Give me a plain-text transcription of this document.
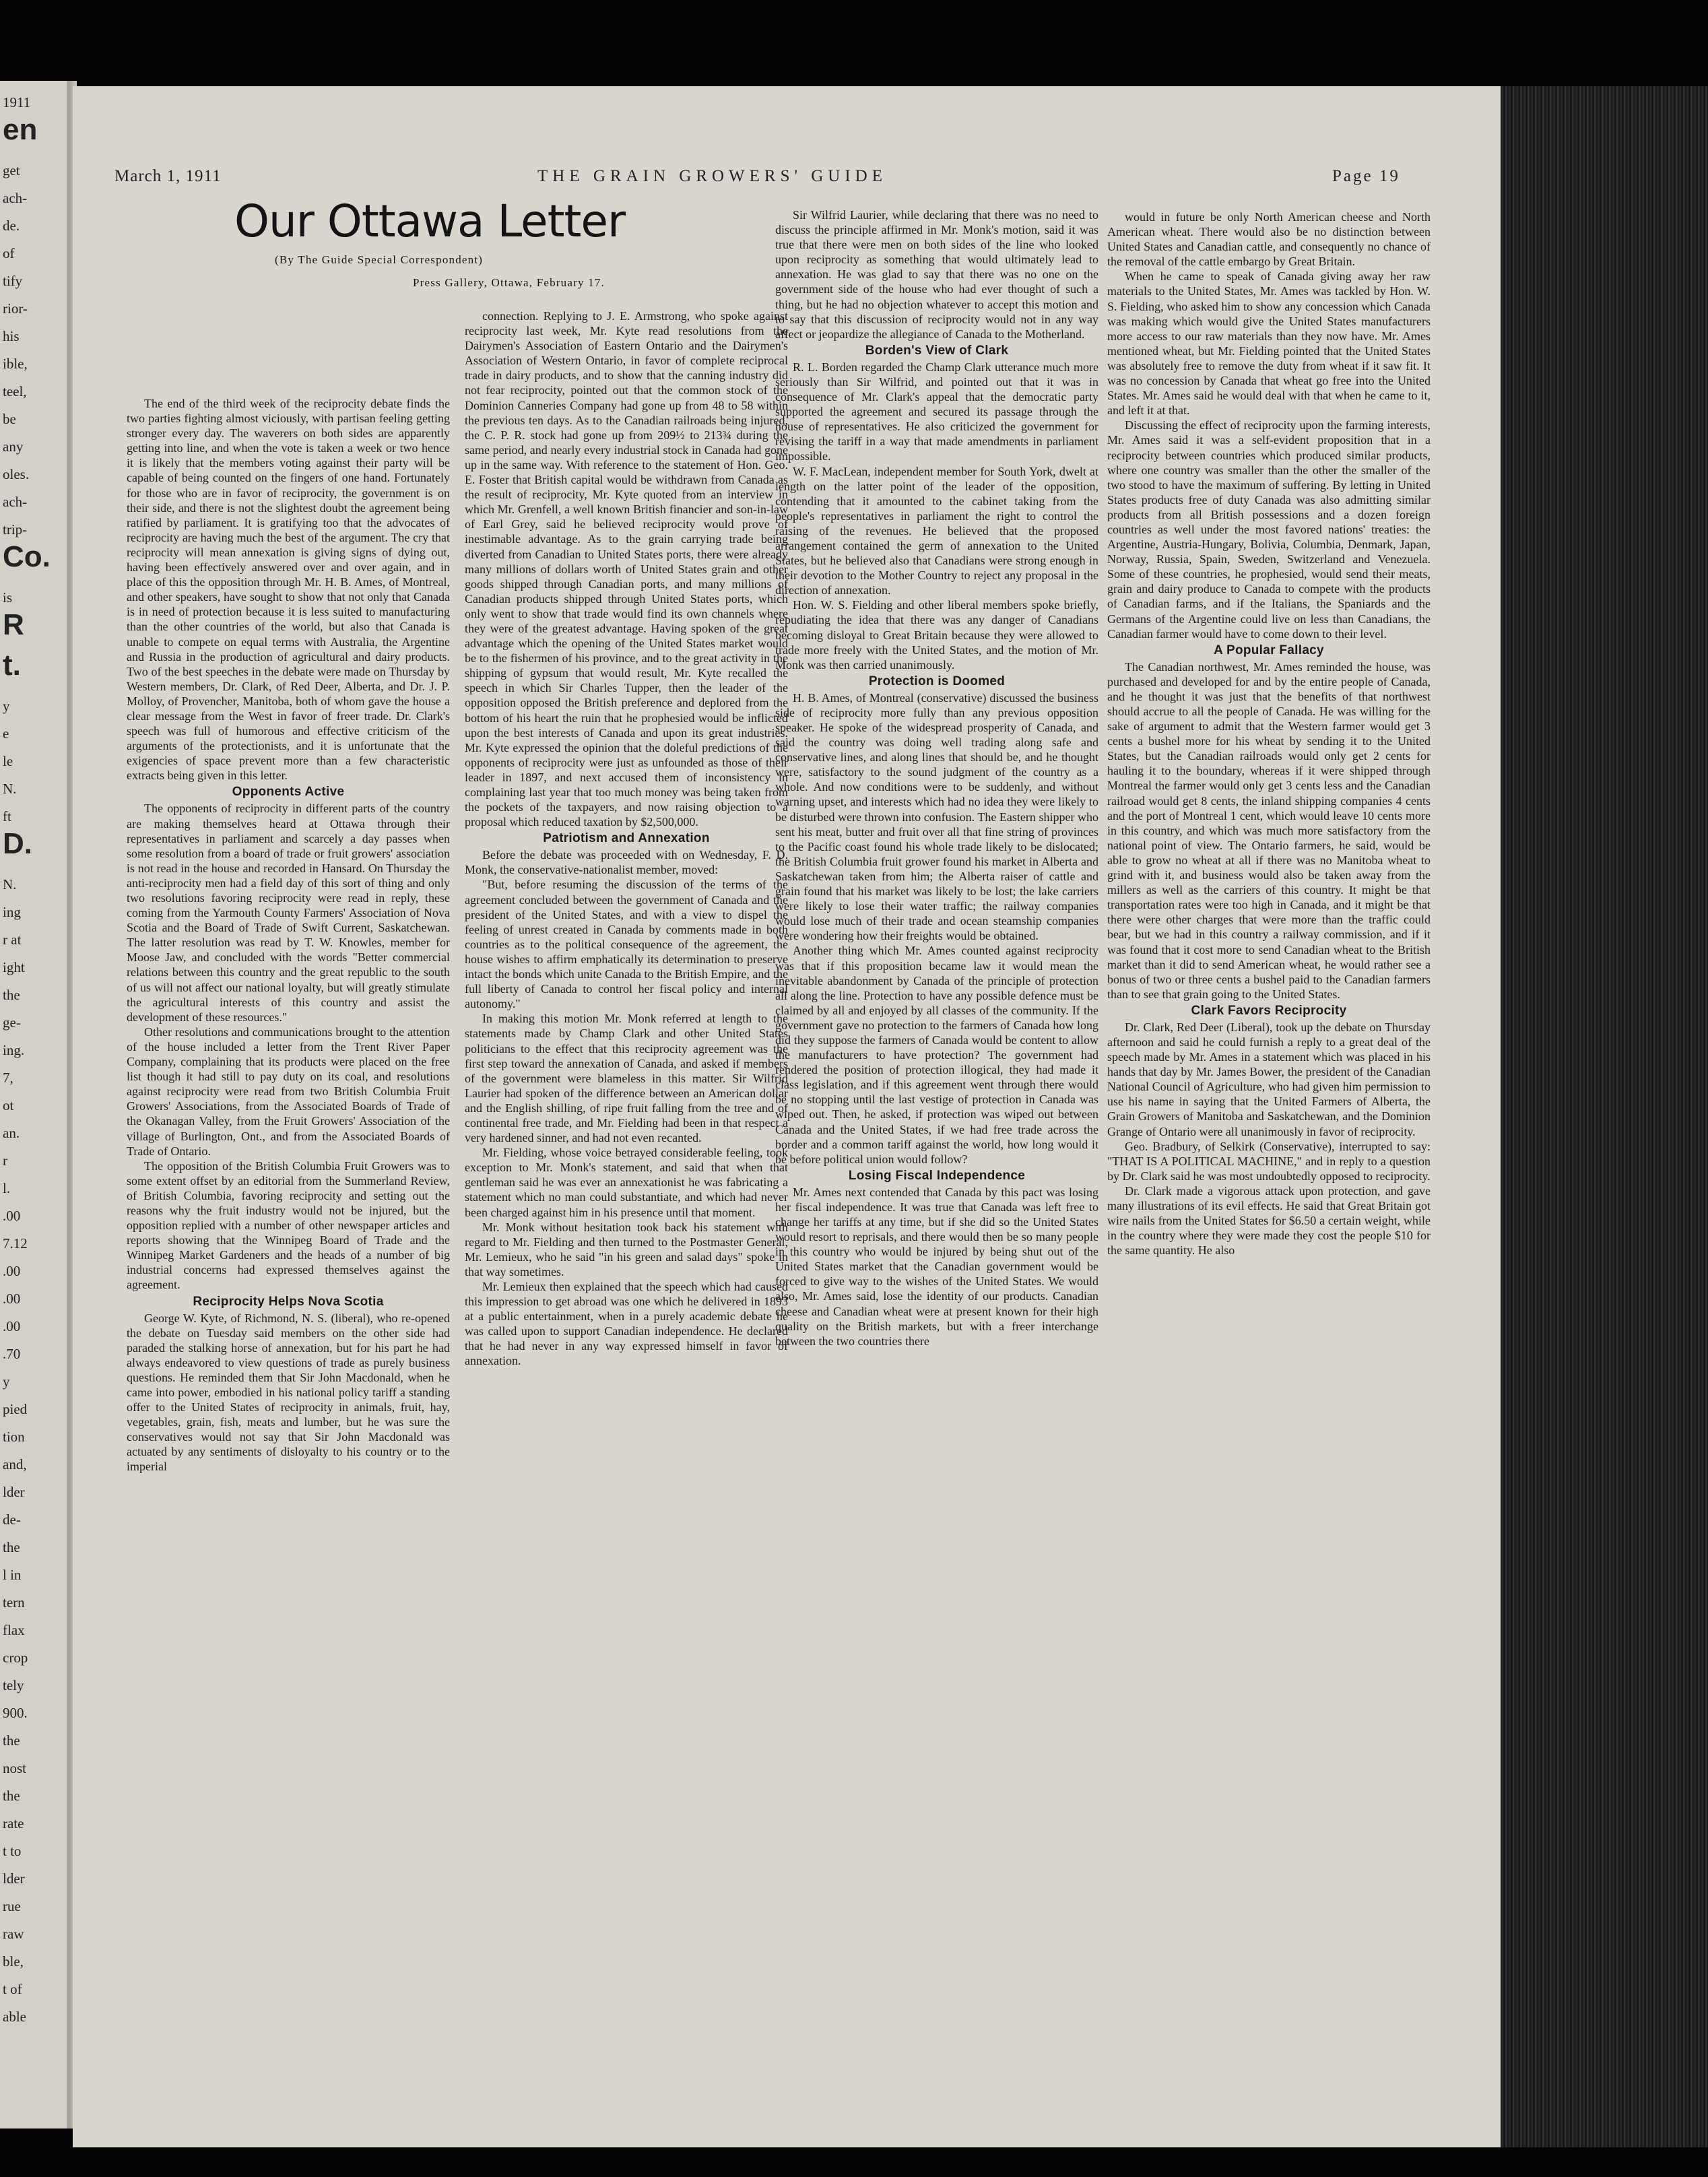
1911
en
get
ach-
de.
of
tify
rior-
his
ible,
teel,
be
any
oles.
ach-
trip-
Co.
is
R
t.
y
e
le
N.
ft
D.
N.
ing
r at
ight
the
ge-
ing.
7,
ot
an.
r
l.
.00
7.12
.00
.00
.00
.70
y
pied
tion
and,
lder
de-
the
l in
tern
flax
crop
tely
900.
the
nost
the
rate
t to
lder
rue
raw
ble,
t of
able
March 1, 1911	THE GRAIN GROWERS' GUIDE	Page 19
Our Ottawa Letter
(By The Guide Special Correspondent)
Press Gallery, Ottawa, February 17.

The end of the third week of the reciprocity debate finds the two parties fighting almost viciously, with partisan feeling getting stronger every day. The waverers on both sides are apparently getting into line, and when the vote is taken a week or two hence it is likely that the members voting against their party will be capable of being counted on the fingers of one hand. Fortunately for those who are in favor of reciprocity, the government is on their side, and there is not the slightest doubt the agreement being ratified by parliament. It is gratifying too that the advocates of reciprocity are having much the best of the argument. The cry that reciprocity will mean annexation is giving signs of dying out, having been effectively answered over and over again, and in place of this the opposition through Mr. H. B. Ames, of Montreal, and other speakers, have sought to show that not only that Canada is in need of protection because it is less suited to manufacturing than the other countries of the world, but also that Canada is unable to compete on equal terms with Australia, the Argentine and Russia in the production of agricultural and dairy products. Two of the best speeches in the debate were made on Thursday by Western members, Dr. Clark, of Red Deer, Alberta, and Dr. J. P. Molloy, of Provencher, Manitoba, both of whom gave the house a clear message from the West in favor of freer trade. Dr. Clark's speech was full of humorous and effective criticism of the arguments of the protectionists, and it is unfortunate that the exigencies of space prevent more than a few characteristic extracts being given in this letter.

Opponents Active

The opponents of reciprocity in different parts of the country are making themselves heard at Ottawa through their representatives in parliament and scarcely a day passes when some resolution from a board of trade or fruit growers' association is not read in the house and recorded in Hansard. On Thursday the anti-reciprocity men had a field day of this sort of thing and only two resolutions favoring reciprocity were read in reply, these coming from the Yarmouth County Farmers' Association of Nova Scotia and the Board of Trade of Swift Current, Saskatchewan. The latter resolution was read by T. W. Knowles, member for Moose Jaw, and concluded with the words "Better commercial relations between this country and the great republic to the south of us will not affect our national loyalty, but will greatly stimulate the agricultural interests of this country and assist the development of these resources."

Other resolutions and communications brought to the attention of the house included a letter from the Trent River Paper Company, complaining that its products were placed on the free list though it had still to pay duty on its coal, and resolutions against reciprocity were read from two British Columbia Fruit Growers' Associations, from the Associated Boards of Trade of the Okanagan Valley, from the Fruit Growers' Association of the village of Burlington, Ont., and from the Associated Boards of Trade of Ontario.

The opposition of the British Columbia Fruit Growers was to some extent offset by an editorial from the Summerland Review, of British Columbia, favoring reciprocity and setting out the reasons why the fruit industry would not be injured, but the opposition replied with a number of other newspaper articles and reports showing that the Winnipeg Board of Trade and the Winnipeg Market Gardeners and the heads of a number of big industrial concerns had expressed themselves against the agreement.

Reciprocity Helps Nova Scotia

George W. Kyte, of Richmond, N. S. (liberal), who re-opened the debate on Tuesday said members on the other side had paraded the stalking horse of annexation, but for his part he had always endeavored to view questions of trade as purely business questions. He reminded them that Sir John Macdonald, when he came into power, embodied in his national policy tariff a standing offer to the United States of reciprocity in animals, fruit, hay, vegetables, grain, fish, meats and lumber, but he was sure the conservatives would not say that Sir John Macdonald was actuated by any sentiments of disloyalty to his country or to the imperial

connection. Replying to J. E. Armstrong, who spoke against reciprocity last week, Mr. Kyte read resolutions from the Dairymen's Association of Eastern Ontario and the Dairymen's Association of Western Ontario, in favor of complete reciprocal trade in dairy products, and to show that the canning industry did not fear reciprocity, pointed out that the common stock of the Dominion Canneries Company had gone up from 48 to 58 within the previous ten days. As to the Canadian railroads being injured, the C. P. R. stock had gone up from 209½ to 213¾ during the same period, and nearly every industrial stock in Canada had gone up in the same way. With reference to the statement of Hon. Geo. E. Foster that British capital would be withdrawn from Canada as the result of reciprocity, Mr. Kyte quoted from an interview in which Mr. Grenfell, a well known British financier and son-in-law of Earl Grey, said he believed reciprocity would prove of inestimable advantage. As to the grain carrying trade being diverted from Canadian to United States ports, there were already many millions of dollars worth of United States grain and other goods shipped through Canadian ports, and many millions of Canadian products shipped through United States ports, which only went to show that trade would find its own channels where they were of the greatest advantage. Having spoken of the great advantage which the opening of the United States market would be to the fishermen of his province, and to the great activity in the shipping of gypsum that would result, Mr. Kyte recalled the speech in which Sir Charles Tupper, then the leader of the opposition opposed the British preference and deplored from the bottom of his heart the ruin that he prophesied would be inflicted upon the best interests of Canada and upon its great industries. Mr. Kyte expressed the opinion that the doleful predictions of the opponents of reciprocity were just as unfounded as those of their leader in 1897, and next accused them of inconsistency in complaining last year that too much money was being taken from the pockets of the taxpayers, and now raising objection to a proposal which reduced taxation by $2,500,000.

Patriotism and Annexation

Before the debate was proceeded with on Wednesday, F. D. Monk, the conservative-nationalist member, moved:

"But, before resuming the discussion of the terms of the agreement concluded between the government of Canada and the president of the United States, and with a view to dispel the feeling of unrest created in Canada by comments made in both countries as to the political consequence of the agreement, the house wishes to affirm emphatically its determination to preserve intact the bonds which unite Canada to the British Empire, and the full liberty of Canada to control her fiscal policy and internal autonomy."

In making this motion Mr. Monk referred at length to the statements made by Champ Clark and other United States politicians to the effect that this reciprocity agreement was the first step toward the annexation of Canada, and asked if members of the government were blameless in this matter. Sir Wilfrid Laurier had spoken of the difference between an American dollar and the English shilling, of ripe fruit falling from the tree and of continental free trade, and Mr. Fielding had been in that respect a very hardened sinner, and had not even recanted.

Mr. Fielding, whose voice betrayed considerable feeling, took exception to Mr. Monk's statement, and said that when that gentleman said he was ever an annexationist he was fabricating a statement which no man could substantiate, and which had never been charged against him in his presence until that moment.

Mr. Monk without hesitation took back his statement with regard to Mr. Fielding and then turned to the Postmaster General, Mr. Lemieux, who he said "in his green and salad days" spoke in that way sometimes.

Mr. Lemieux then explained that the speech which had caused this impression to get abroad was one which he delivered in 1893 at a public entertainment, when in a purely academic debate he was called upon to support Canadian independence. He declared that he had never in any way expressed himself in favor of annexation.

Sir Wilfrid Laurier, while declaring that there was no need to discuss the principle affirmed in Mr. Monk's motion, said it was true that there were men on both sides of the line who looked upon reciprocity as something that would ultimately lead to annexation. He was glad to say that there was no one on the government side of the house who had ever thought of such a thing, but he had no objection whatever to accept this motion and to say that this discussion of reciprocity would not in any way affect or jeopardize the allegiance of Canada to the Motherland.

Borden's View of Clark

R. L. Borden regarded the Champ Clark utterance much more seriously than Sir Wilfrid, and pointed out that it was in consequence of Mr. Clark's appeal that the democratic party supported the agreement and secured its passage through the house of representatives. He also criticized the government for revising the tariff in a way that made amendments in parliament impossible.

W. F. MacLean, independent member for South York, dwelt at length on the latter point of the leader of the opposition, contending that it amounted to the cabinet taking from the people's representatives in parliament the right to control the raising of the revenues. He believed that the proposed arrangement contained the germ of annexation to the United States, but he believed also that Canadians were strong enough in their devotion to the Mother Country to reject any proposal in the direction of annexation.

Hon. W. S. Fielding and other liberal members spoke briefly, repudiating the idea that there was any danger of Canadians becoming disloyal to Great Britain because they were allowed to trade more freely with the United States, and the motion of Mr. Monk was then carried unanimously.

Protection is Doomed

H. B. Ames, of Montreal (conservative) discussed the business side of reciprocity more fully than any previous opposition speaker. He spoke of the widespread prosperity of Canada, and said the country was doing well trading along safe and conservative lines, and along lines that should be, and he thought were, satisfactory to the sound judgment of the country as a whole. And now conditions were to be suddenly, and without warning upset, and interests which had no idea they were likely to be disturbed were thrown into confusion. The Eastern shipper who sent his meat, butter and fruit over all that fine string of provinces to the Pacific coast found his whole trade likely to be dislocated; the British Columbia fruit grower found his market in Alberta and Saskatchewan taken from him; the Alberta raiser of cattle and grain found that his market was likely to be lost; the lake carriers were likely to lose their water traffic; the railway companies would lose much of their trade and ocean steamship companies were wondering how their freights would be obtained.

Another thing which Mr. Ames counted against reciprocity was that if this proposition became law it would mean the inevitable abandonment by Canada of the principle of protection all along the line. Protection to have any possible defence must be claimed by all and enjoyed by all classes of the community. If the government gave no protection to the farmers of Canada how long did they suppose the farmers of Canada would be content to allow the manufacturers to have protection? The government had rendered the position of protection illogical, they had made it class legislation, and if this agreement went through there would be no stopping until the last vestige of protection in Canada was wiped out. Then, he asked, if protection was wiped out between Canada and the United States, if we had free trade across the border and a common tariff against the world, how long would it be before political union would follow?

Losing Fiscal Independence

Mr. Ames next contended that Canada by this pact was losing her fiscal independence. It was true that Canada was left free to change her tariffs at any time, but if she did so the United States would resort to reprisals, and there would then be so many people in this country who would be injured by being shut out of the United States market that the Canadian government would be forced to give way to the wishes of the United States. We would also, Mr. Ames said, lose the identity of our products. Canadian cheese and Canadian wheat were at present known for their high quality on the British markets, but with a freer interchange between the two countries there

would in future be only North American cheese and North American wheat. There would also be no distinction between United States and Canadian cattle, and consequently no chance of the removal of the cattle embargo by Great Britain.

When he came to speak of Canada giving away her raw materials to the United States, Mr. Ames was tackled by Hon. W. S. Fielding, who asked him to show any concession which Canada was making which would give the United States manufacturers more access to our raw materials than they now have. Mr. Ames mentioned wheat, but Mr. Fielding pointed that the United States was absolutely free to remove the duty from wheat if it saw fit. It was no concession by Canada that wheat go free into the United States. Mr. Ames said he would deal with that when he came to it, and left it at that.

Discussing the effect of reciprocity upon the farming interests, Mr. Ames said it was a self-evident proposition that in a reciprocity between countries which produced similar products, where one country was smaller than the other the smaller of the two stood to have the maximum of suffering. By letting in United States products free of duty Canada was also admitting similar products from all British possessions and a dozen foreign countries as well under the most favored nations' treaties: the Argentine, Austria-Hungary, Bolivia, Columbia, Denmark, Japan, Norway, Russia, Spain, Sweden, Switzerland and Venezuela. Some of these countries, he prophesied, would send their meats, grain and dairy produce to Canada to compete with the products of Canadian farms, and if the Italians, the Spaniards and the Germans of the Argentine could live on less than Canadians, the Canadian farmer would have to come down to their level.

A Popular Fallacy

The Canadian northwest, Mr. Ames reminded the house, was purchased and developed for and by the entire people of Canada, and he thought it was just that the benefits of that northwest should accrue to all the people of Canada. He was willing for the sake of argument to admit that the Western farmer would get 3 cents a bushel more for his wheat by sending it to the United States, but the Canadian railroads would only get 2 cents for hauling it to the boundary, whereas if it were shipped through Montreal the farmer would only get 3 cents less and the Canadian railroad would get 8 cents, the inland shipping companies 4 cents and the port of Montreal 1 cent, which would leave 10 cents more in this country, and which was much more satisfactory from the national point of view. The Ontario farmers, he said, would be able to grow no wheat at all if there was no Manitoba wheat to grind with it, and business would also be taken away from the millers as well as the carriers of this country. It might be that transportation rates were too high in Canada, and it might be that there were other charges that were more than the traffic could bear, but we had in this country a railway commission, and if it was found that it cost more to send Canadian wheat to the British market than it did to send American wheat, he would rather see a bonus of two or three cents a bushel paid to the Canadian farmers than to see that grain going to the United States.

Clark Favors Reciprocity

Dr. Clark, Red Deer (Liberal), took up the debate on Thursday afternoon and said he could furnish a reply to a great deal of the speech made by Mr. Ames in a statement which was placed in his hands that day by Mr. James Bower, the president of the Canadian National Council of Agriculture, who had given him permission to use his name in saying that the United Farmers of Alberta, the Grain Growers of Manitoba and Saskatchewan, and the Dominion Grange of Ontario were all unanimously in favor of reciprocity.

Geo. Bradbury, of Selkirk (Conservative), interrupted to say: "THAT IS A POLITICAL MACHINE," and in reply to a question by Dr. Clark said he was most undoubtedly opposed to reciprocity.

Dr. Clark made a vigorous attack upon protection, and gave many illustrations of its evil effects. He said that Great Britain got wire nails from the United States for $6.50 a certain weight, while in the country where they were made they cost the people $10 for the same quantity. He also
